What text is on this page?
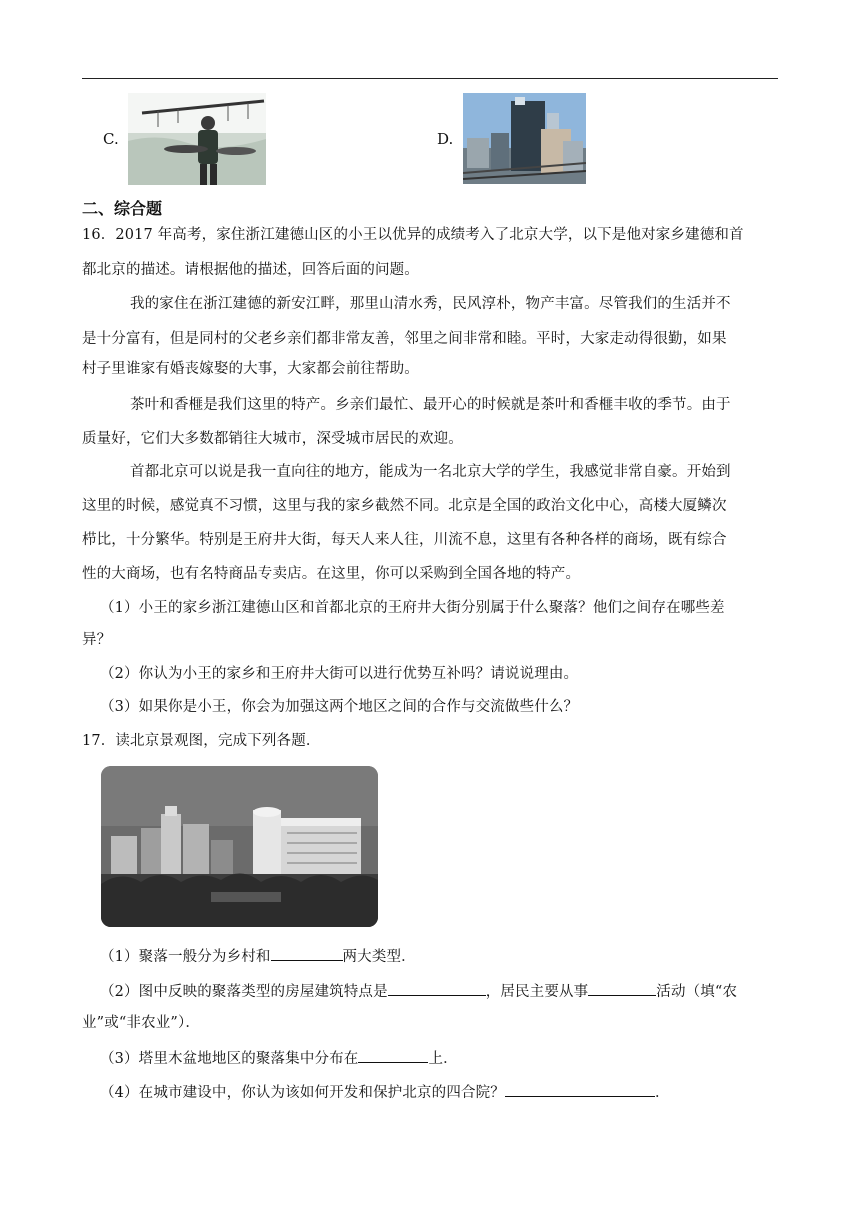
C.	D.
二、综合题
16．2017 年高考，家住浙江建德山区的小王以优异的成绩考入了北京大学，以下是他对家乡建德和首
都北京的描述。请根据他的描述，回答后面的问题。
我的家住在浙江建德的新安江畔，那里山清水秀，民风淳朴，物产丰富。尽管我们的生活并不
是十分富有，但是同村的父老乡亲们都非常友善，邻里之间非常和睦。平时，大家走动得很勤，如果
村子里谁家有婚丧嫁娶的大事，大家都会前往帮助。
茶叶和香榧是我们这里的特产。乡亲们最忙、最开心的时候就是茶叶和香榧丰收的季节。由于
质量好，它们大多数都销往大城市，深受城市居民的欢迎。
首都北京可以说是我一直向往的地方，能成为一名北京大学的学生，我感觉非常自豪。开始到
这里的时候，感觉真不习惯，这里与我的家乡截然不同。北京是全国的政治文化中心，高楼大厦鳞次
栉比，十分繁华。特别是王府井大街，每天人来人往，川流不息，这里有各种各样的商场，既有综合
性的大商场，也有名特商品专卖店。在这里，你可以采购到全国各地的特产。
（1）小王的家乡浙江建德山区和首都北京的王府井大街分别属于什么聚落？他们之间存在哪些差
异？
（2）你认为小王的家乡和王府井大街可以进行优势互补吗？请说说理由。
（3）如果你是小王，你会为加强这两个地区之间的合作与交流做些什么？
17．读北京景观图，完成下列各题．
（1）聚落一般分为乡村和	两大类型．
（2）图中反映的聚落类型的房屋建筑特点是	，居民主要从事	活动（填“农
业”或“非农业”）．
（3）塔里木盆地地区的聚落集中分布在	上．
（4）在城市建设中，你认为该如何开发和保护北京的四合院？	．
